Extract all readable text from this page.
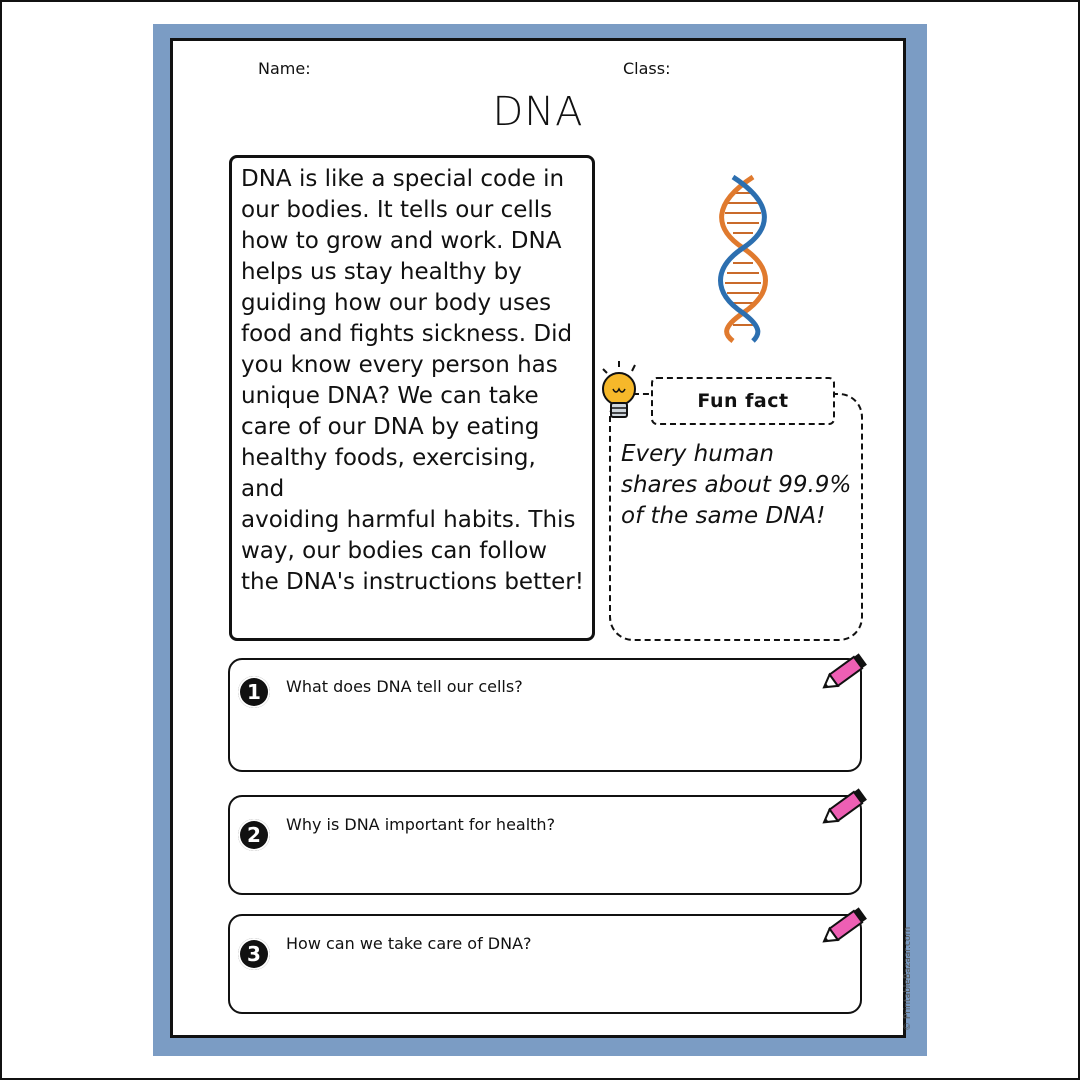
Name:	Class:
DNA
DNA is like a special code in
our bodies. It tells our cells
how to grow and work. DNA
helps us stay healthy by
guiding how our body uses
food and fights sickness. Did
you know every person has
unique DNA? We can take
care of our DNA by eating
healthy foods, exercising, and
avoiding harmful habits. This
way, our bodies can follow
the DNA's instructions better!
Fun fact
Every human
shares about 99.9%
of the same DNA!
1	What does DNA tell our cells?
2	Why is DNA important for health?
3	How can we take care of DNA?	© PrintableBazaar.com
